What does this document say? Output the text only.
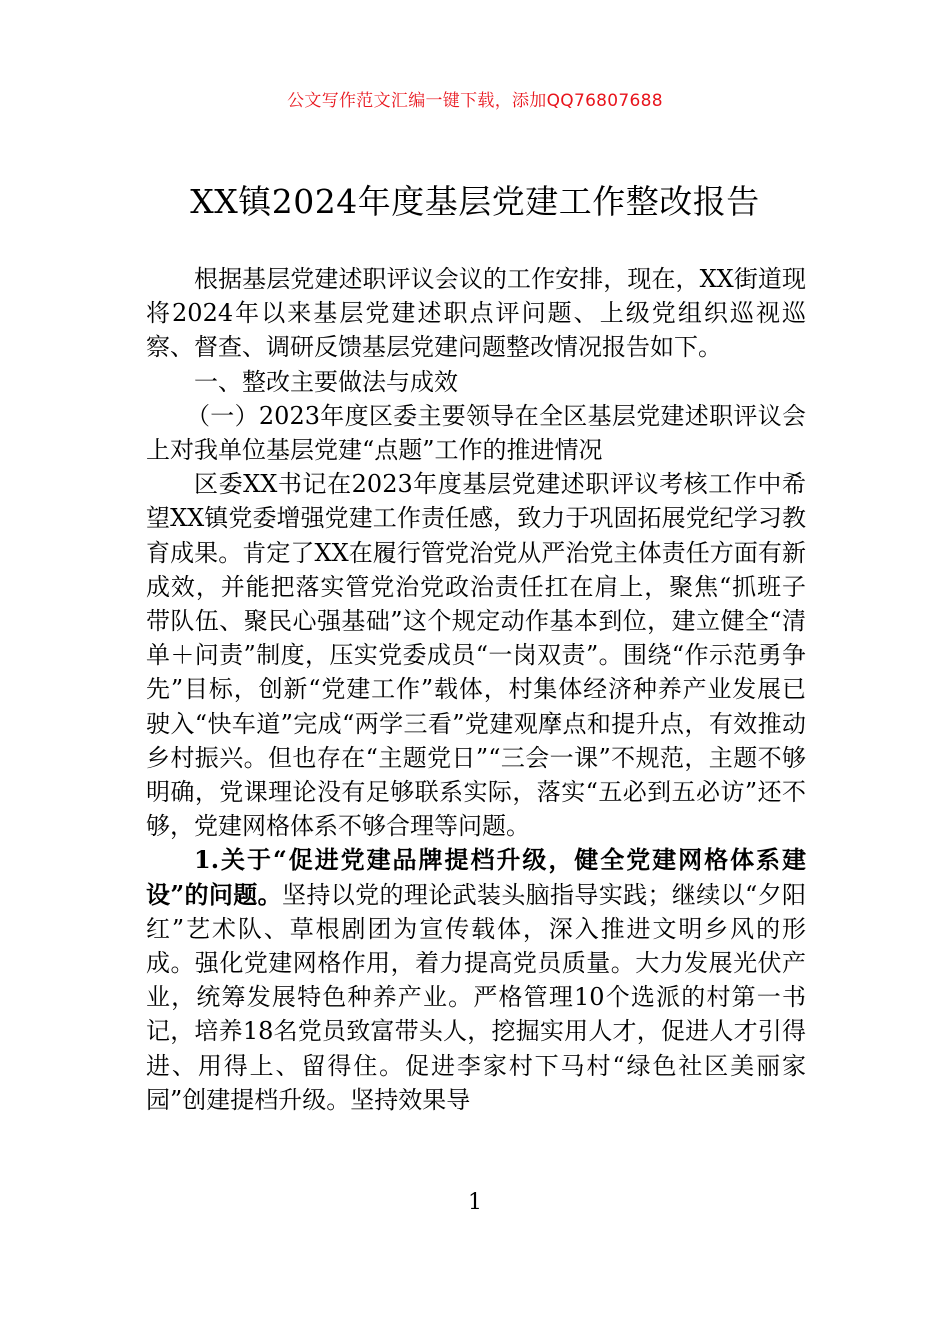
公文写作范文汇编一键下载，添加QQ76807688
XX镇2024年度基层党建工作整改报告

根据基层党建述职评议会议的工作安排，现在，XX街道现将2024年以来基层党建述职点评问题、上级党组织巡视巡察、督查、调研反馈基层党建问题整改情况报告如下。

一、整改主要做法与成效

（一）2023年度区委主要领导在全区基层党建述职评议会上对我单位基层党建“点题”工作的推进情况

区委XX书记在2023年度基层党建述职评议考核工作中希望XX镇党委增强党建工作责任感，致力于巩固拓展党纪学习教育成果。肯定了XX在履行管党治党从严治党主体责任方面有新成效，并能把落实管党治党政治责任扛在肩上，聚焦“抓班子带队伍、聚民心强基础”这个规定动作基本到位，建立健全“清单＋问责”制度，压实党委成员“一岗双责”。围绕“作示范勇争先”目标，创新“党建工作”载体，村集体经济种养产业发展已驶入“快车道”完成“两学三看”党建观摩点和提升点，有效推动乡村振兴。但也存在“主题党日”“三会一课”不规范，主题不够明确，党课理论没有足够联系实际，落实“五必到五必访”还不够，党建网格体系不够合理等问题。

1.关于“促进党建品牌提档升级，健全党建网格体系建设”的问题。坚持以党的理论武装头脑指导实践；继续以“夕阳红”艺术队、草根剧团为宣传载体，深入推进文明乡风的形成。强化党建网格作用，着力提高党员质量。大力发展光伏产业，统筹发展特色种养产业。严格管理10个选派的村第一书记，培养18名党员致富带头人，挖掘实用人才，促进人才引得进、用得上、留得住。促进李家村下马村“绿色社区美丽家园”创建提档升级。坚持效果导

1
